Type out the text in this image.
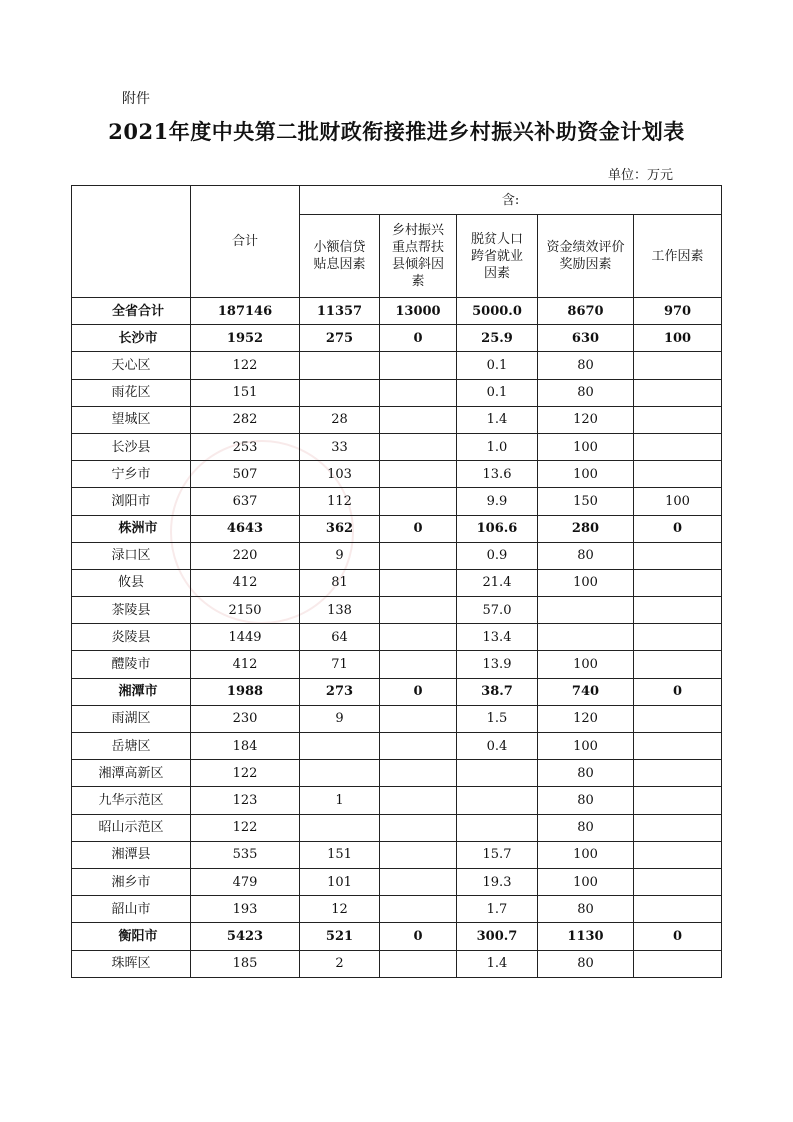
附件
2021年度中央第二批财政衔接推进乡村振兴补助资金计划表
单位：万元
	合计	含:				
		小额信贷贴息因素	乡村振兴重点帮扶县倾斜因素	脱贫人口跨省就业因素	资金绩效评价奖励因素	工作因素
全省合计	187146	11357	13000	5000.0	8670	970
长沙市	1952	275	0	25.9	630	100
天心区	122			0.1	80	
雨花区	151			0.1	80	
望城区	282	28		1.4	120	
长沙县	253	33		1.0	100	
宁乡市	507	103		13.6	100	
浏阳市	637	112		9.9	150	100
株洲市	4643	362	0	106.6	280	0
渌口区	220	9		0.9	80	
攸县	412	81		21.4	100	
茶陵县	2150	138		57.0		
炎陵县	1449	64		13.4		
醴陵市	412	71		13.9	100	
湘潭市	1988	273	0	38.7	740	0
雨湖区	230	9		1.5	120	
岳塘区	184			0.4	100	
湘潭高新区	122				80	
九华示范区	123	1			80	
昭山示范区	122				80	
湘潭县	535	151		15.7	100	
湘乡市	479	101		19.3	100	
韶山市	193	12		1.7	80	
衡阳市	5423	521	0	300.7	1130	0
珠晖区	185	2		1.4	80	
